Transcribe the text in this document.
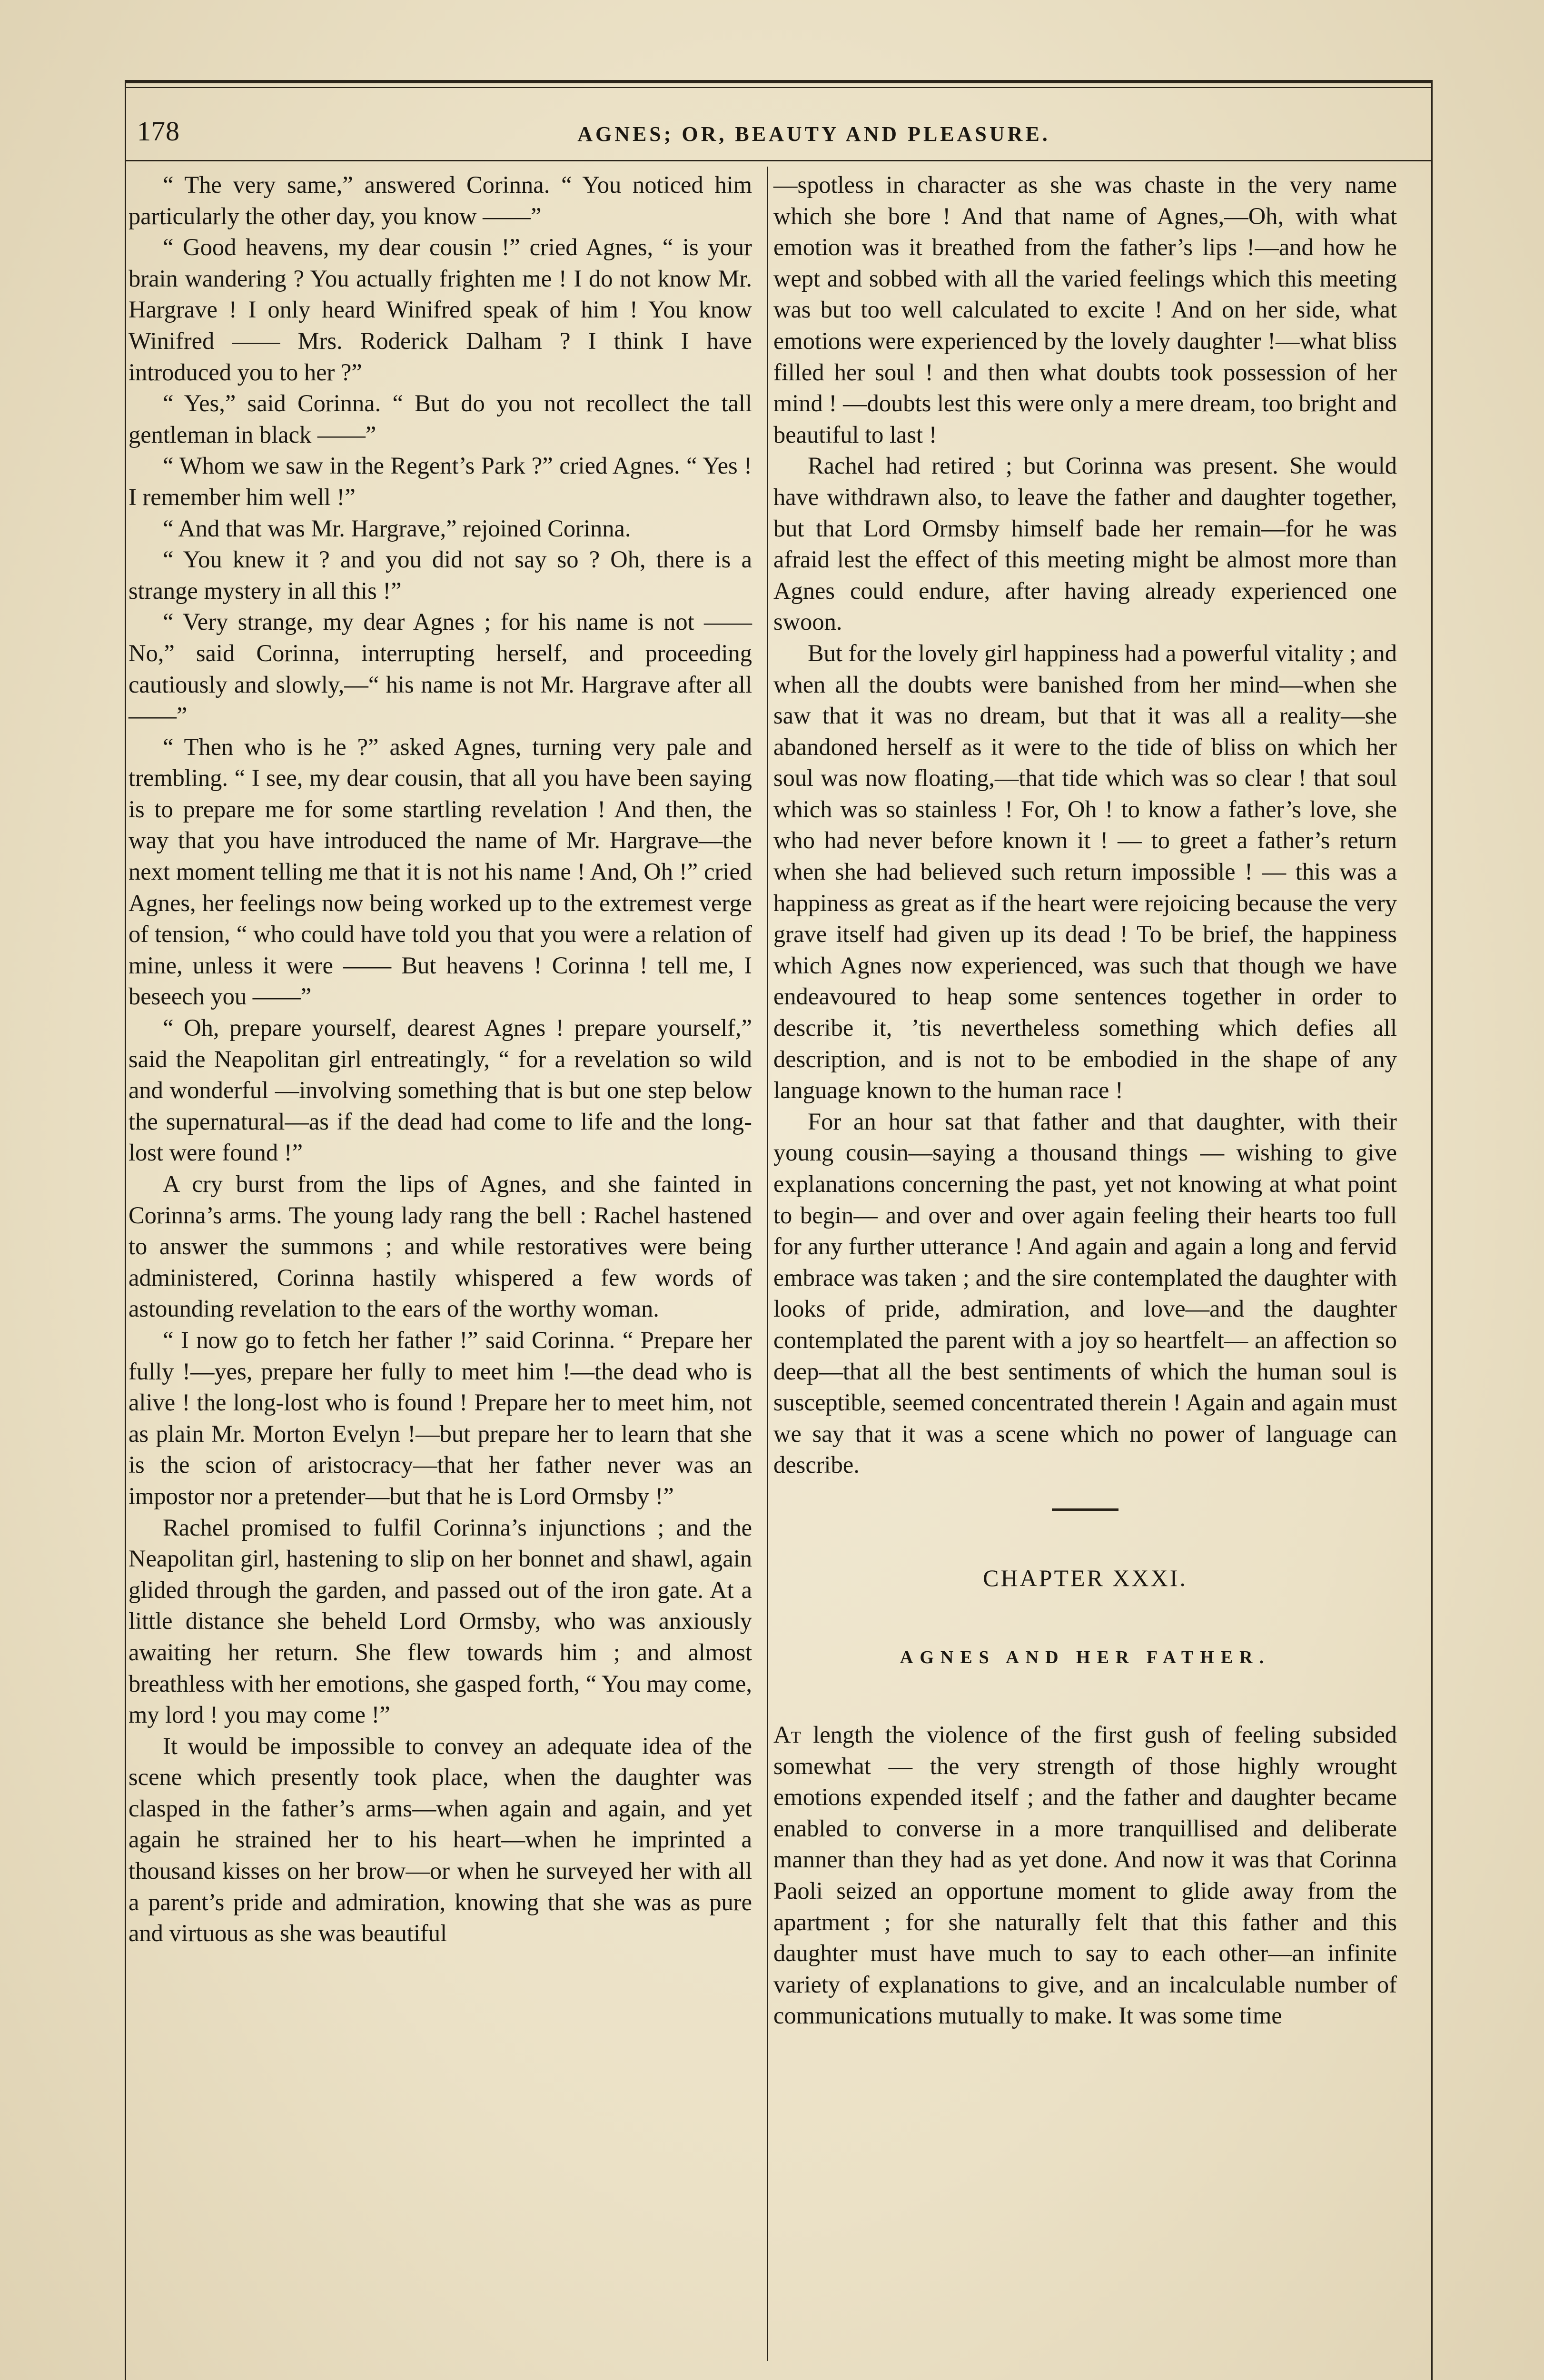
178	AGNES; OR, BEAUTY AND PLEASURE.

“ The very same,” answered Corinna. “ You noticed him particularly the other day, you know ——”

“ Good heavens, my dear cousin !” cried Agnes, “ is your brain wandering ? You actually frighten me ! I do not know Mr. Hargrave ! I only heard Winifred speak of him ! You know Winifred —— Mrs. Roderick Dalham ? I think I have introduced you to her ?”

“ Yes,” said Corinna. “ But do you not recollect the tall gentleman in black ——”

“ Whom we saw in the Regent’s Park ?” cried Agnes. “ Yes ! I remember him well !”

“ And that was Mr. Hargrave,” rejoined Corinna.

“ You knew it ? and you did not say so ? Oh, there is a strange mystery in all this !”

“ Very strange, my dear Agnes ; for his name is not —— No,” said Corinna, interrupting herself, and proceeding cautiously and slowly,—“ his name is not Mr. Hargrave after all ——”

“ Then who is he ?” asked Agnes, turning very pale and trembling. “ I see, my dear cousin, that all you have been saying is to prepare me for some startling revelation ! And then, the way that you have introduced the name of Mr. Hargrave—the next moment telling me that it is not his name ! And, Oh !” cried Agnes, her feelings now being worked up to the extremest verge of tension, “ who could have told you that you were a relation of mine, unless it were —— But heavens ! Corinna ! tell me, I beseech you ——”

“ Oh, prepare yourself, dearest Agnes ! prepare yourself,” said the Neapolitan girl entreatingly, “ for a revelation so wild and wonderful —involving something that is but one step below the supernatural—as if the dead had come to life and the long-lost were found !”

A cry burst from the lips of Agnes, and she fainted in Corinna’s arms. The young lady rang the bell : Rachel hastened to answer the summons ; and while restoratives were being administered, Corinna hastily whispered a few words of astounding revelation to the ears of the worthy woman.

“ I now go to fetch her father !” said Corinna. “ Prepare her fully !—yes, prepare her fully to meet him !—the dead who is alive ! the long-lost who is found ! Prepare her to meet him, not as plain Mr. Morton Evelyn !—but prepare her to learn that she is the scion of aristocracy—that her father never was an impostor nor a pretender—but that he is Lord Ormsby !”

Rachel promised to fulfil Corinna’s injunctions ; and the Neapolitan girl, hastening to slip on her bonnet and shawl, again glided through the garden, and passed out of the iron gate. At a little distance she beheld Lord Ormsby, who was anxiously awaiting her return. She flew towards him ; and almost breathless with her emotions, she gasped forth, “ You may come, my lord ! you may come !”

It would be impossible to convey an adequate idea of the scene which presently took place, when the daughter was clasped in the father’s arms—when again and again, and yet again he strained her to his heart—when he imprinted a thousand kisses on her brow—or when he surveyed her with all a parent’s pride and admiration, knowing that she was as pure and virtuous as she was beautiful

—spotless in character as she was chaste in the very name which she bore ! And that name of Agnes,—Oh, with what emotion was it breathed from the father’s lips !—and how he wept and sobbed with all the varied feelings which this meeting was but too well calculated to excite ! And on her side, what emotions were experienced by the lovely daughter !—what bliss filled her soul ! and then what doubts took possession of her mind ! —doubts lest this were only a mere dream, too bright and beautiful to last !

Rachel had retired ; but Corinna was present. She would have withdrawn also, to leave the father and daughter together, but that Lord Ormsby himself bade her remain—for he was afraid lest the effect of this meeting might be almost more than Agnes could endure, after having already experienced one swoon.

But for the lovely girl happiness had a powerful vitality ; and when all the doubts were banished from her mind—when she saw that it was no dream, but that it was all a reality—she abandoned herself as it were to the tide of bliss on which her soul was now floating,—that tide which was so clear ! that soul which was so stainless ! For, Oh ! to know a father’s love, she who had never before known it ! — to greet a father’s return when she had believed such return impossible ! — this was a happiness as great as if the heart were rejoicing because the very grave itself had given up its dead ! To be brief, the happiness which Agnes now experienced, was such that though we have endeavoured to heap some sentences together in order to describe it, ’tis nevertheless something which defies all description, and is not to be embodied in the shape of any language known to the human race !

For an hour sat that father and that daughter, with their young cousin—saying a thousand things — wishing to give explanations concerning the past, yet not knowing at what point to begin— and over and over again feeling their hearts too full for any further utterance ! And again and again a long and fervid embrace was taken ; and the sire contemplated the daughter with looks of pride, admiration, and love—and the daughter contemplated the parent with a joy so heartfelt— an affection so deep—that all the best sentiments of which the human soul is susceptible, seemed concentrated therein ! Again and again must we say that it was a scene which no power of language can describe.

CHAPTER XXXI.
AGNES AND HER FATHER.

At length the violence of the first gush of feeling subsided somewhat — the very strength of those highly wrought emotions expended itself ; and the father and daughter became enabled to converse in a more tranquillised and deliberate manner than they had as yet done. And now it was that Corinna Paoli seized an opportune moment to glide away from the apartment ; for she naturally felt that this father and this daughter must have much to say to each other—an infinite variety of explanations to give, and an incalculable number of communications mutually to make. It was some time
